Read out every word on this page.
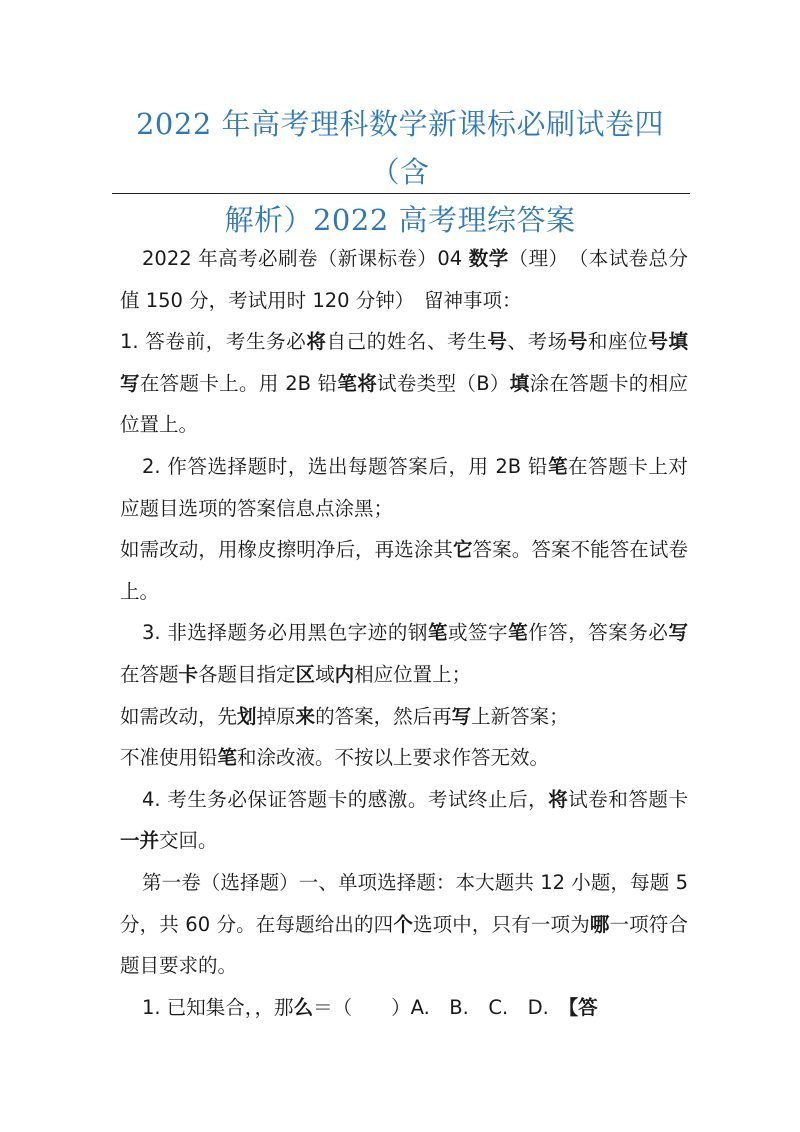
2022 年高考理科数学新课标必刷试卷四（含
解析）2022 高考理综答案

2022 年高考必刷卷（新课标卷）04 数学（理）　（本试卷总分值 150 分，考试用时 120 分钟）　留神事项：

1. 答卷前，考生务必将自己的姓名、考生号、考场号和座位号填写在答题卡上。用 2B 铅笔将试卷类型（B）填涂在答题卡的相应位置上。

2. 作答选择题时，选出每题答案后，用 2B 铅笔在答题卡上对应题目选项的答案信息点涂黑；

如需改动，用橡皮擦明净后，再选涂其它答案。答案不能答在试卷上。

3. 非选择题务必用黑色字迹的钢笔或签字笔作答，答案务必写在答题卡各题目指定区域内相应位置上；

如需改动，先划掉原来的答案，然后再写上新答案；

不准使用铅笔和涂改液。不按以上要求作答无效。

4. 考生务必保证答题卡的感激。考试终止后，将试卷和答题卡一并交回。

第一卷（选择题）一、单项选择题：本大题共 12 小题，每题 5 分，共 60 分。在每题给出的四个选项中，只有一项为哪一项符合题目要求的。

1. 已知集合，，那么＝（　　）A.　B.　C.　D.　【答
